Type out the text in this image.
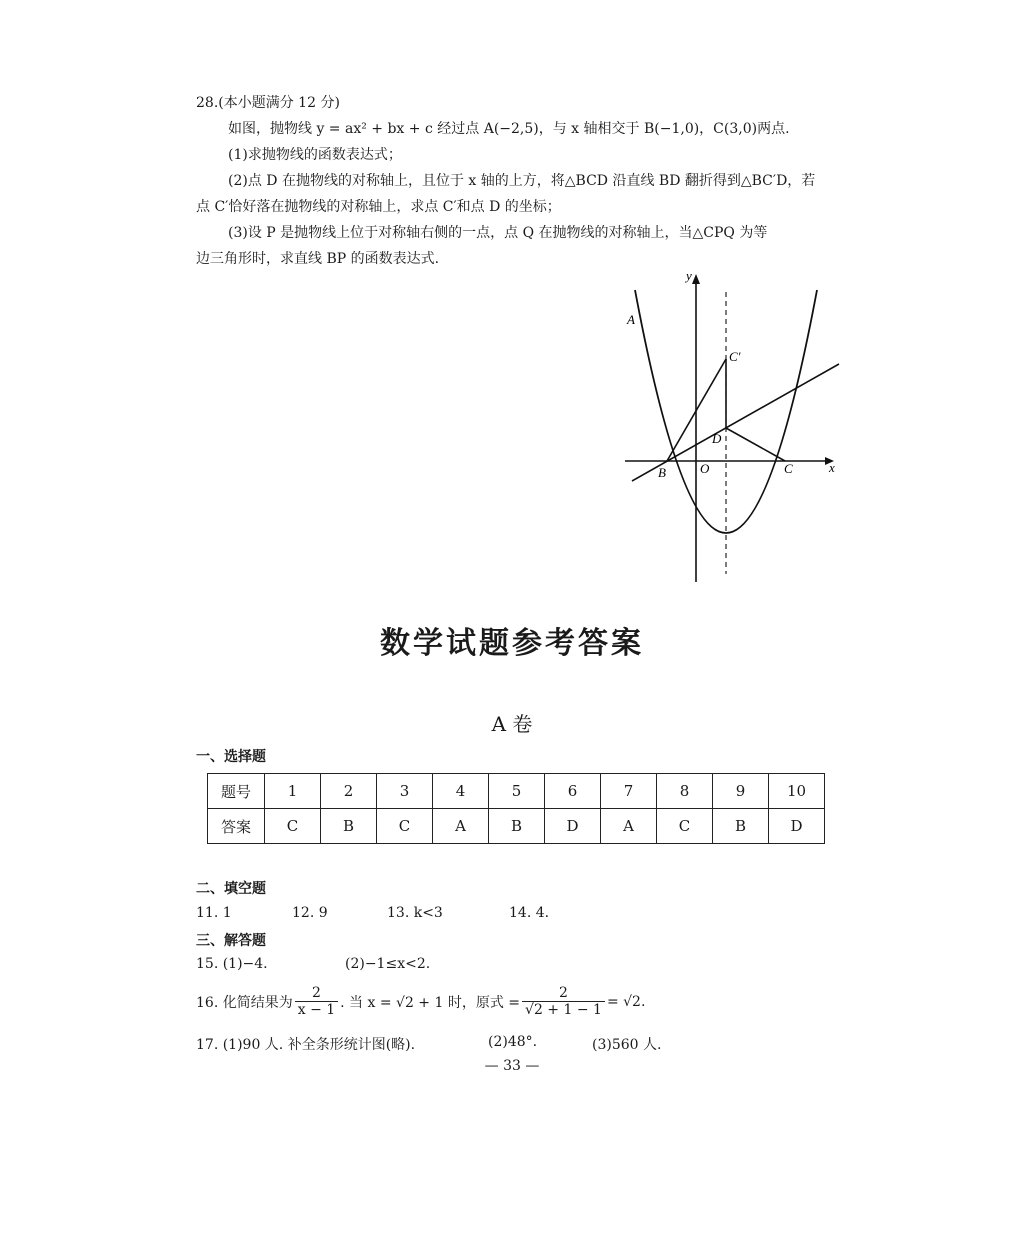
28.(本小题满分 12 分)
如图，抛物线 y = ax² + bx + c 经过点 A(−2,5)，与 x 轴相交于 B(−1,0)，C(3,0)两点.
(1)求抛物线的函数表达式；
(2)点 D 在抛物线的对称轴上，且位于 x 轴的上方，将△BCD 沿直线 BD 翻折得到△BC′D，若
点 C′恰好落在抛物线的对称轴上，求点 C′和点 D 的坐标；
(3)设 P 是抛物线上位于对称轴右侧的一点，点 Q 在抛物线的对称轴上，当△CPQ 为等
边三角形时，求直线 BP 的函数表达式.
y
x
A
B	O	C
D
C′
数学试题参考答案
A 卷
一、选择题
题号	1	2	3	4	5	6	7	8	9	10
答案	C	B	C	A	B	D	A	C	B	D
二、填空题
11. 1	12. 9	13. k<3	14. 4.
三、解答题
15. (1)−4.	(2)−1≤x<2.
16. 化简结果为 $\frac{2}{x - 1}$ . 当 x = √2 + 1 时，原式 = $\frac{2}{√2 + 1 - 1} = √2$.
17. (1)90 人. 补全条形统计图(略).	(2)48°.	(3)560 人.
— 33 —
